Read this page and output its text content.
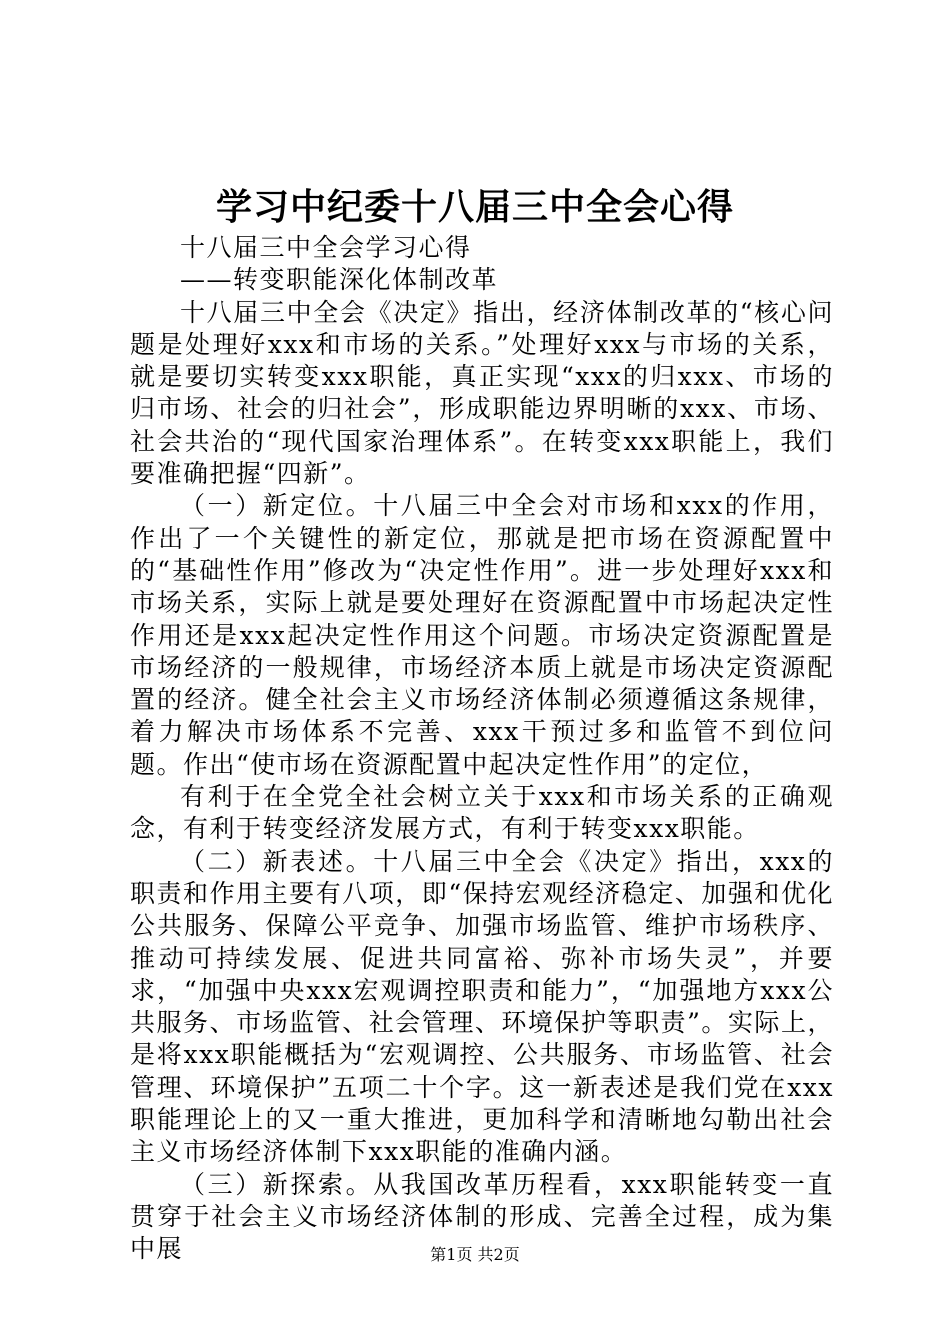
学习中纪委十八届三中全会心得

十八届三中全会学习心得

——转变职能深化体制改革

十八届三中全会《决定》指出，经济体制改革的“核心问题是处理好xxx和市场的关系。”处理好xxx与市场的关系，就是要切实转变xxx职能，真正实现“xxx的归xxx、市场的归市场、社会的归社会”，形成职能边界明晰的xxx、市场、社会共治的“现代国家治理体系”。在转变xxx职能上，我们要准确把握“四新”。

（一）新定位。十八届三中全会对市场和xxx的作用，作出了一个关键性的新定位，那就是把市场在资源配置中的“基础性作用”修改为“决定性作用”。进一步处理好xxx和市场关系，实际上就是要处理好在资源配置中市场起决定性作用还是xxx起决定性作用这个问题。市场决定资源配置是市场经济的一般规律，市场经济本质上就是市场决定资源配置的经济。健全社会主义市场经济体制必须遵循这条规律，着力解决市场体系不完善、xxx干预过多和监管不到位问题。作出“使市场在资源配置中起决定性作用”的定位，

有利于在全党全社会树立关于xxx和市场关系的正确观念，有利于转变经济发展方式，有利于转变xxx职能。

（二）新表述。十八届三中全会《决定》指出，xxx的职责和作用主要有八项，即“保持宏观经济稳定、加强和优化公共服务、保障公平竞争、加强市场监管、维护市场秩序、推动可持续发展、促进共同富裕、弥补市场失灵”，并要求，“加强中央xxx宏观调控职责和能力”，“加强地方xxx公共服务、市场监管、社会管理、环境保护等职责”。实际上，是将xxx职能概括为“宏观调控、公共服务、市场监管、社会管理、环境保护”五项二十个字。这一新表述是我们党在xxx职能理论上的又一重大推进，更加科学和清晰地勾勒出社会主义市场经济体制下xxx职能的准确内涵。

（三）新探索。从我国改革历程看，xxx职能转变一直贯穿于社会主义市场经济体制的形成、完善全过程，成为集中展	第1页 共2页
